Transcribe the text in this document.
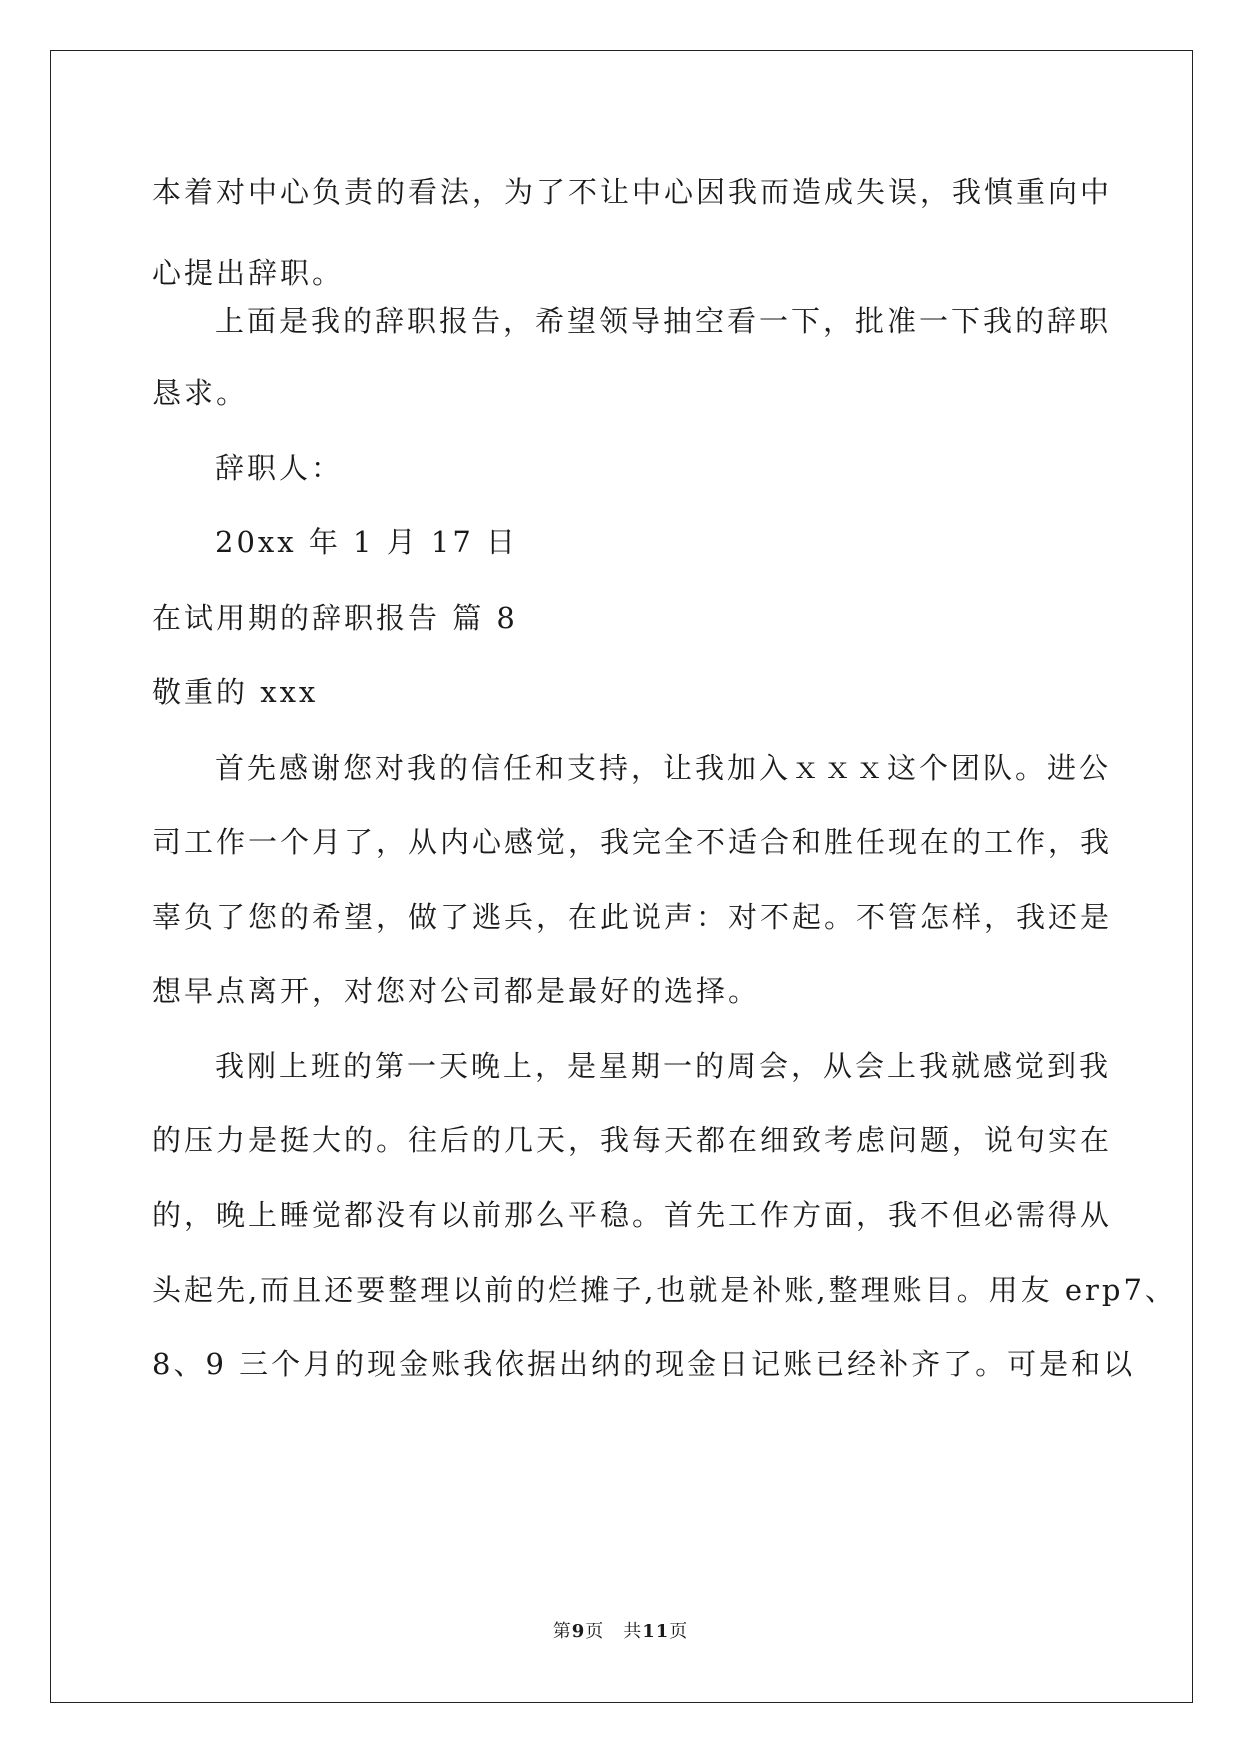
本着对中心负责的看法，为了不让中心因我而造成失误，我慎重向中
心提出辞职。
上面是我的辞职报告，希望领导抽空看一下，批准一下我的辞职
恳求。
辞职人：
20xx 年 1 月 17 日
在试用期的辞职报告 篇 8
敬重的 xxx
首先感谢您对我的信任和支持，让我加入ｘｘｘ这个团队。进公
司工作一个月了，从内心感觉，我完全不适合和胜任现在的工作，我
辜负了您的希望，做了逃兵，在此说声：对不起。不管怎样，我还是
想早点离开，对您对公司都是最好的选择。
我刚上班的第一天晚上，是星期一的周会，从会上我就感觉到我
的压力是挺大的。往后的几天，我每天都在细致考虑问题，说句实在
的，晚上睡觉都没有以前那么平稳。首先工作方面，我不但必需得从
头起先,而且还要整理以前的烂摊子,也就是补账,整理账目。用友 erp7、
8、9 三个月的现金账我依据出纳的现金日记账已经补齐了。可是和以
第9页　 共11页
